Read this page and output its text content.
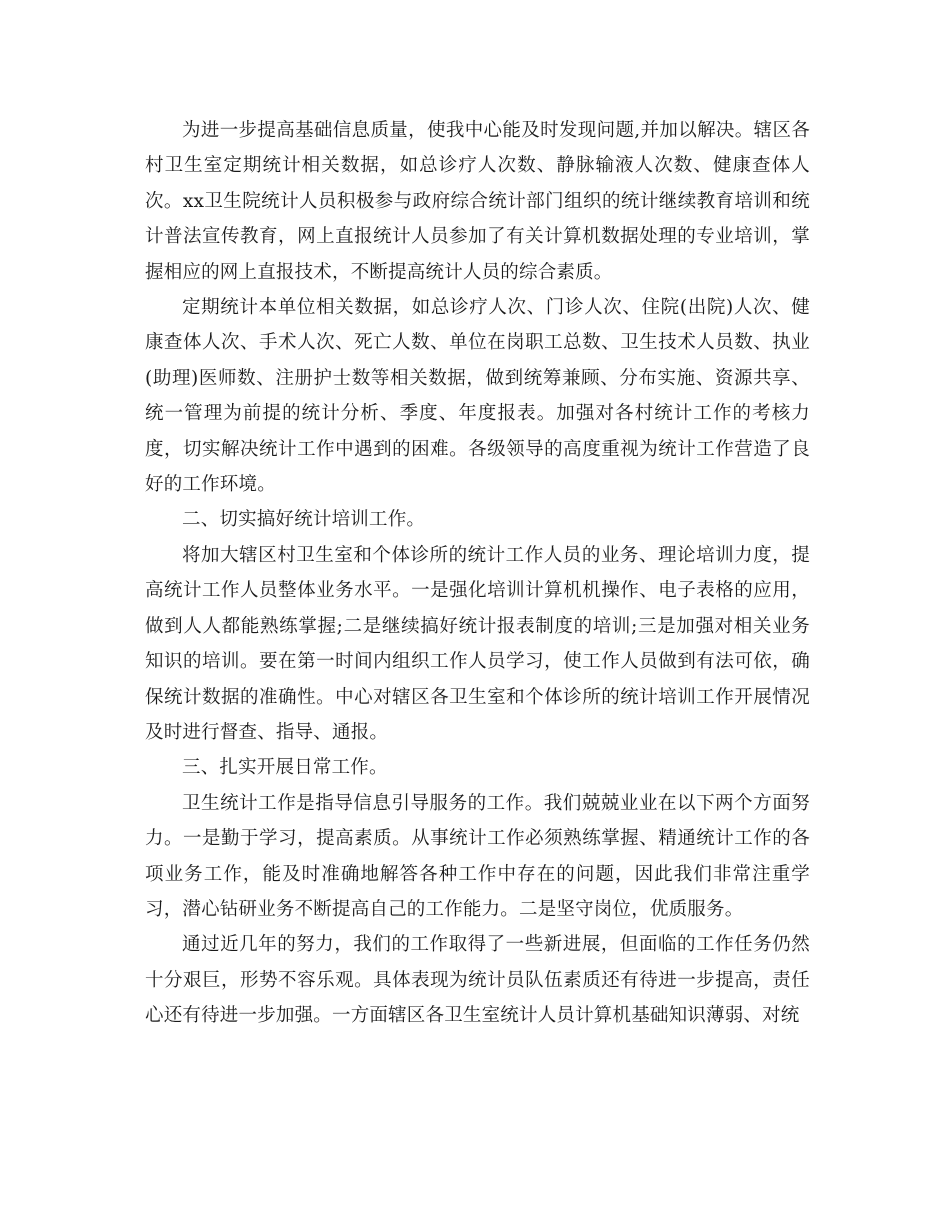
为进一步提高基础信息质量，使我中心能及时发现问题,并加以解决。辖区各村卫生室定期统计相关数据，如总诊疗人次数、静脉输液人次数、健康查体人次。xx卫生院统计人员积极参与政府综合统计部门组织的统计继续教育培训和统计普法宣传教育，网上直报统计人员参加了有关计算机数据处理的专业培训，掌握相应的网上直报技术，不断提高统计人员的综合素质。

定期统计本单位相关数据，如总诊疗人次、门诊人次、住院(出院)人次、健康查体人次、手术人次、死亡人数、单位在岗职工总数、卫生技术人员数、执业(助理)医师数、注册护士数等相关数据，做到统筹兼顾、分布实施、资源共享、统一管理为前提的统计分析、季度、年度报表。加强对各村统计工作的考核力度，切实解决统计工作中遇到的困难。各级领导的高度重视为统计工作营造了良好的工作环境。

二、切实搞好统计培训工作。

将加大辖区村卫生室和个体诊所的统计工作人员的业务、理论培训力度，提高统计工作人员整体业务水平。一是强化培训计算机机操作、电子表格的应用，做到人人都能熟练掌握;二是继续搞好统计报表制度的培训;三是加强对相关业务知识的培训。要在第一时间内组织工作人员学习，使工作人员做到有法可依，确保统计数据的准确性。中心对辖区各卫生室和个体诊所的统计培训工作开展情况及时进行督查、指导、通报。

三、扎实开展日常工作。

卫生统计工作是指导信息引导服务的工作。我们兢兢业业在以下两个方面努力。一是勤于学习，提高素质。从事统计工作必须熟练掌握、精通统计工作的各项业务工作，能及时准确地解答各种工作中存在的问题，因此我们非常注重学习，潜心钻研业务不断提高自己的工作能力。二是坚守岗位，优质服务。

通过近几年的努力，我们的工作取得了一些新进展，但面临的工作任务仍然十分艰巨，形势不容乐观。具体表现为统计员队伍素质还有待进一步提高，责任心还有待进一步加强。一方面辖区各卫生室统计人员计算机基础知识薄弱、对统
